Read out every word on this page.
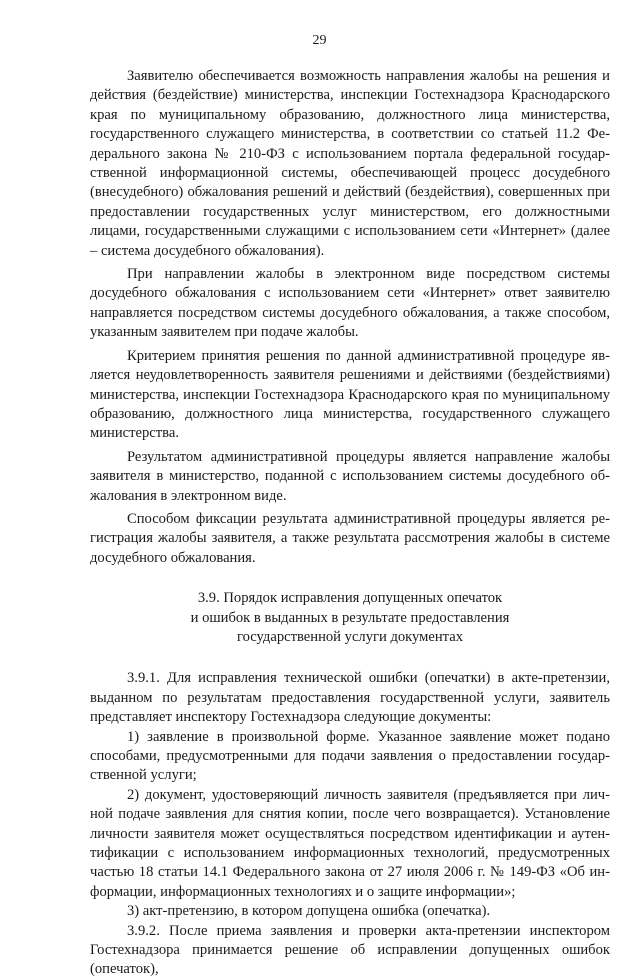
29

Заявителю обеспечивается возможность направления жалобы на решения и действия (бездействие) министерства, инспекции Гостехнадзора Краснодарского края по муниципальному образованию, должностного лица министерства, государственного служащего министерства, в соответствии со статьей 11.2 Федерального закона № 210-ФЗ с использованием портала федеральной государственной информационной системы, обеспечивающей процесс досудебного (внесудебного) обжалования решений и действий (бездействия), совершенных при предоставлении государственных услуг министерством, его должностными лицами, государственными служащими с использованием сети «Интернет» (далее – система досудебного обжалования).

При направлении жалобы в электронном виде посредством системы досудебного обжалования с использованием сети «Интернет» ответ заявителю направляется посредством системы досудебного обжалования, а также способом, указанным заявителем при подаче жалобы.

Критерием принятия решения по данной административной процедуре является неудовлетворенность заявителя решениями и действиями (бездействиями) министерства, инспекции Гостехнадзора Краснодарского края по муниципальному образованию, должностного лица министерства, государственного служащего министерства.

Результатом административной процедуры является направление жалобы заявителя в министерство, поданной с использованием системы досудебного обжалования в электронном виде.

Способом фиксации результата административной процедуры является регистрация жалобы заявителя, а также результата рассмотрения жалобы в системе досудебного обжалования.

3.9. Порядок исправления допущенных опечаток
и ошибок в выданных в результате предоставления
государственной услуги документах

3.9.1. Для исправления технической ошибки (опечатки) в акте-претензии, выданном по результатам предоставления государственной услуги, заявитель представляет инспектору Гостехнадзора следующие документы:

1) заявление в произвольной форме. Указанное заявление может подано способами, предусмотренными для подачи заявления о предоставлении государственной услуги;

2) документ, удостоверяющий личность заявителя (предъявляется при личной подаче заявления для снятия копии, после чего возвращается). Установление личности заявителя может осуществляться посредством идентификации и аутентификации с использованием информационных технологий, предусмотренных частью 18 статьи 14.1 Федерального закона от 27 июля 2006 г. № 149-ФЗ «Об информации, информационных технологиях и о защите информации»;

3) акт-претензию, в котором допущена ошибка (опечатка).

3.9.2. После приема заявления и проверки акта-претензии инспектором Гостехнадзора принимается решение об исправлении допущенных ошибок (опечаток),
